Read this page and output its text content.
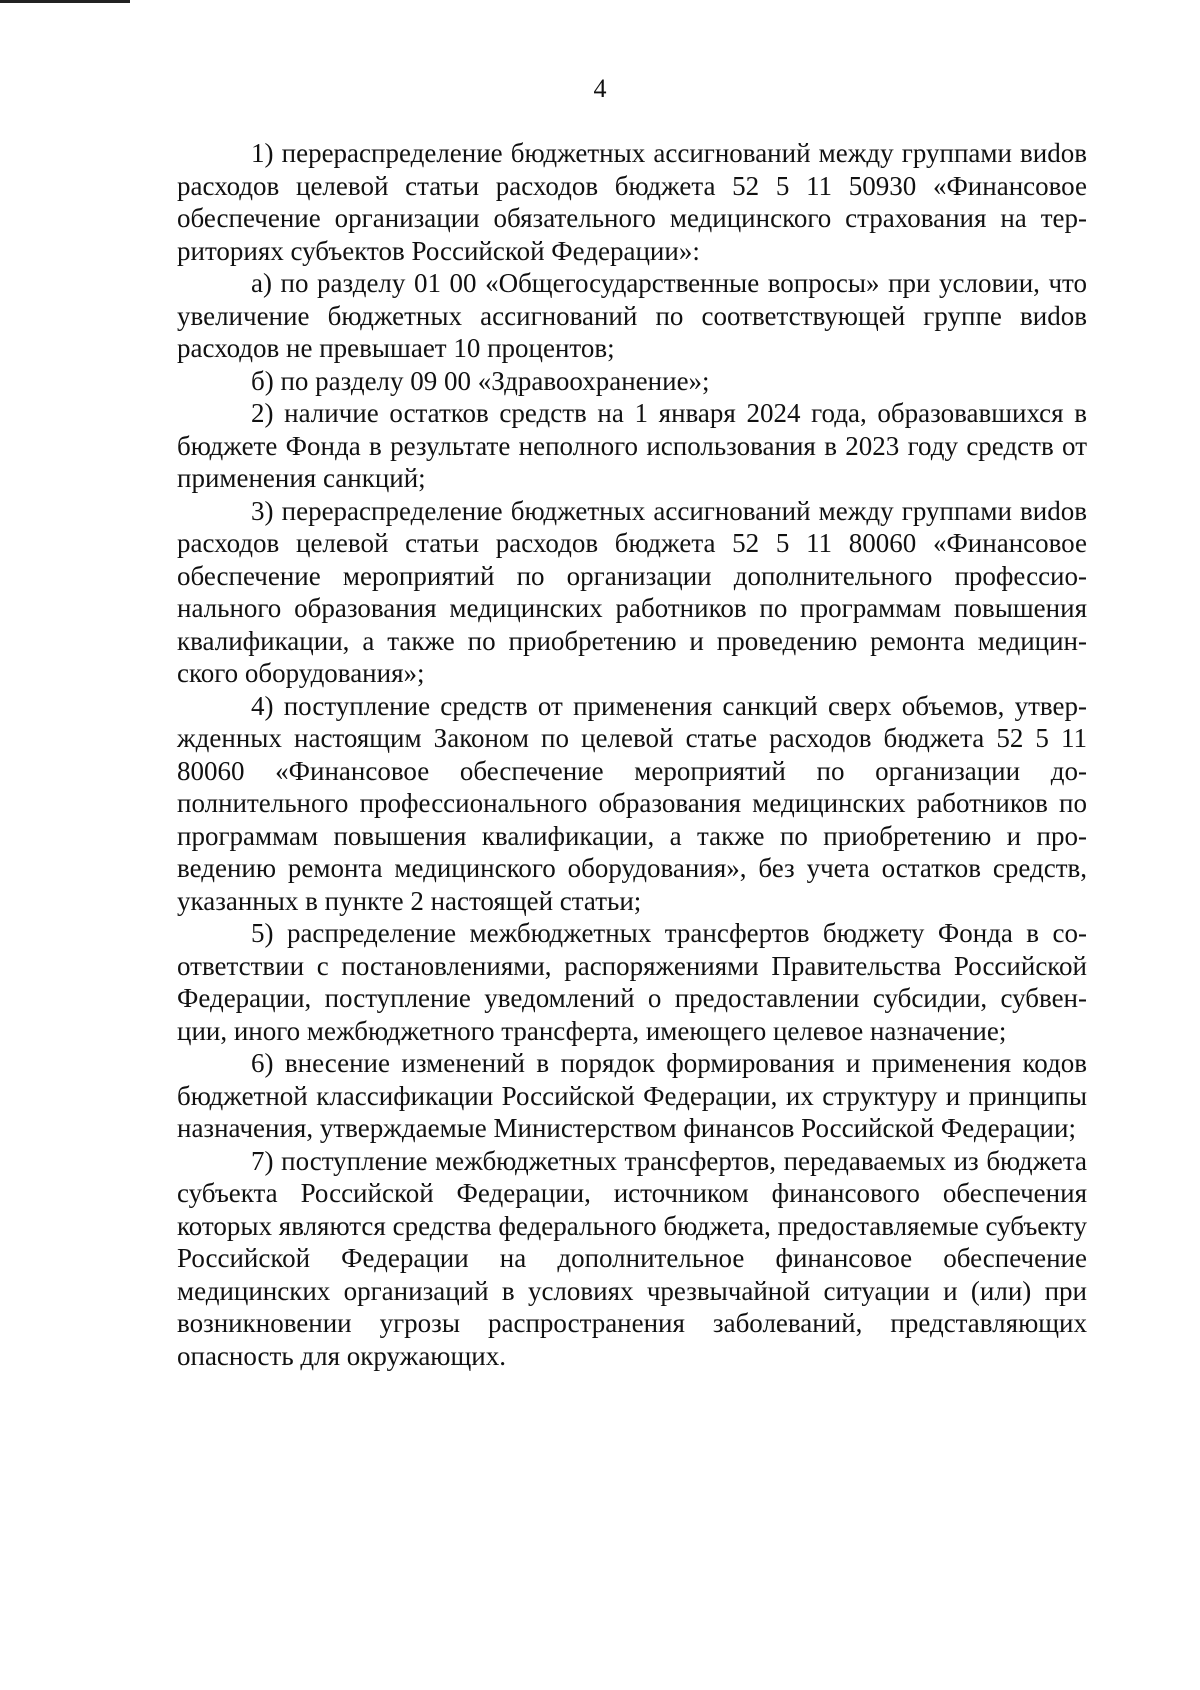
4

1) перераспределение бюджетных ассигнований между группами виdов расходов целевой статьи расходов бюджета 52 5 11 50930 «Финансовое обеспечение организации обязательного медицинского страхования на территориях субъектов Российской Федерации»:

а) по разделу 01 00 «Общегосударственные вопросы» при условии, что увеличение бюджетных ассигнований по соответствующей группе виdов расходов не превышает 10 процентов;

б) по разделу 09 00 «Здравоохранение»;

2) наличие остатков средств на 1 января 2024 года, образовавшихся в бюджете Фонда в результате неполного использования в 2023 году средств от применения санкций;

3) перераспределение бюджетных ассигнований между группами виdов расходов целевой статьи расходов бюджета 52 5 11 80060 «Финансовое обеспечение мероприятий по организации дополнительного профессионального образования медицинских работников по программам повышения квалификации, а также по приобретению и проведению ремонта медицинского оборудования»;

4) поступление средств от применения санкций сверх объемов, утвержденных настоящим Законом по целевой статье расходов бюджета 52 5 11 80060 «Финансовое обеспечение мероприятий по организации дополнительного профессионального образования медицинских работников по программам повышения квалификации, а также по приобретению и проведению ремонта медицинского оборудования», без учета остатков средств, указанных в пункте 2 настоящей статьи;

5) распределение межбюджетных трансфертов бюджету Фонда в соответствии с постановлениями, распоряжениями Правительства Российской Федерации, поступление уведомлений о предоставлении субсидии, субвенции, иного межбюджетного трансферта, имеющего целевое назначение;

6) внесение изменений в порядок формирования и применения кодов бюджетной классификации Российской Федерации, их структуру и принципы назначения, утверждаемые Министерством финансов Российской Федерации;

7) поступление межбюджетных трансфертов, передаваемых из бюджета субъекта Российской Федерации, источником финансового обеспечения которых являются средства федерального бюджета, предоставляемые субъекту Российской Федерации на дополнительное финансовое обеспечение медицинских организаций в условиях чрезвычайной ситуации и (или) при возникновении угрозы распространения заболеваний, представляющих опасность для окружающих.
